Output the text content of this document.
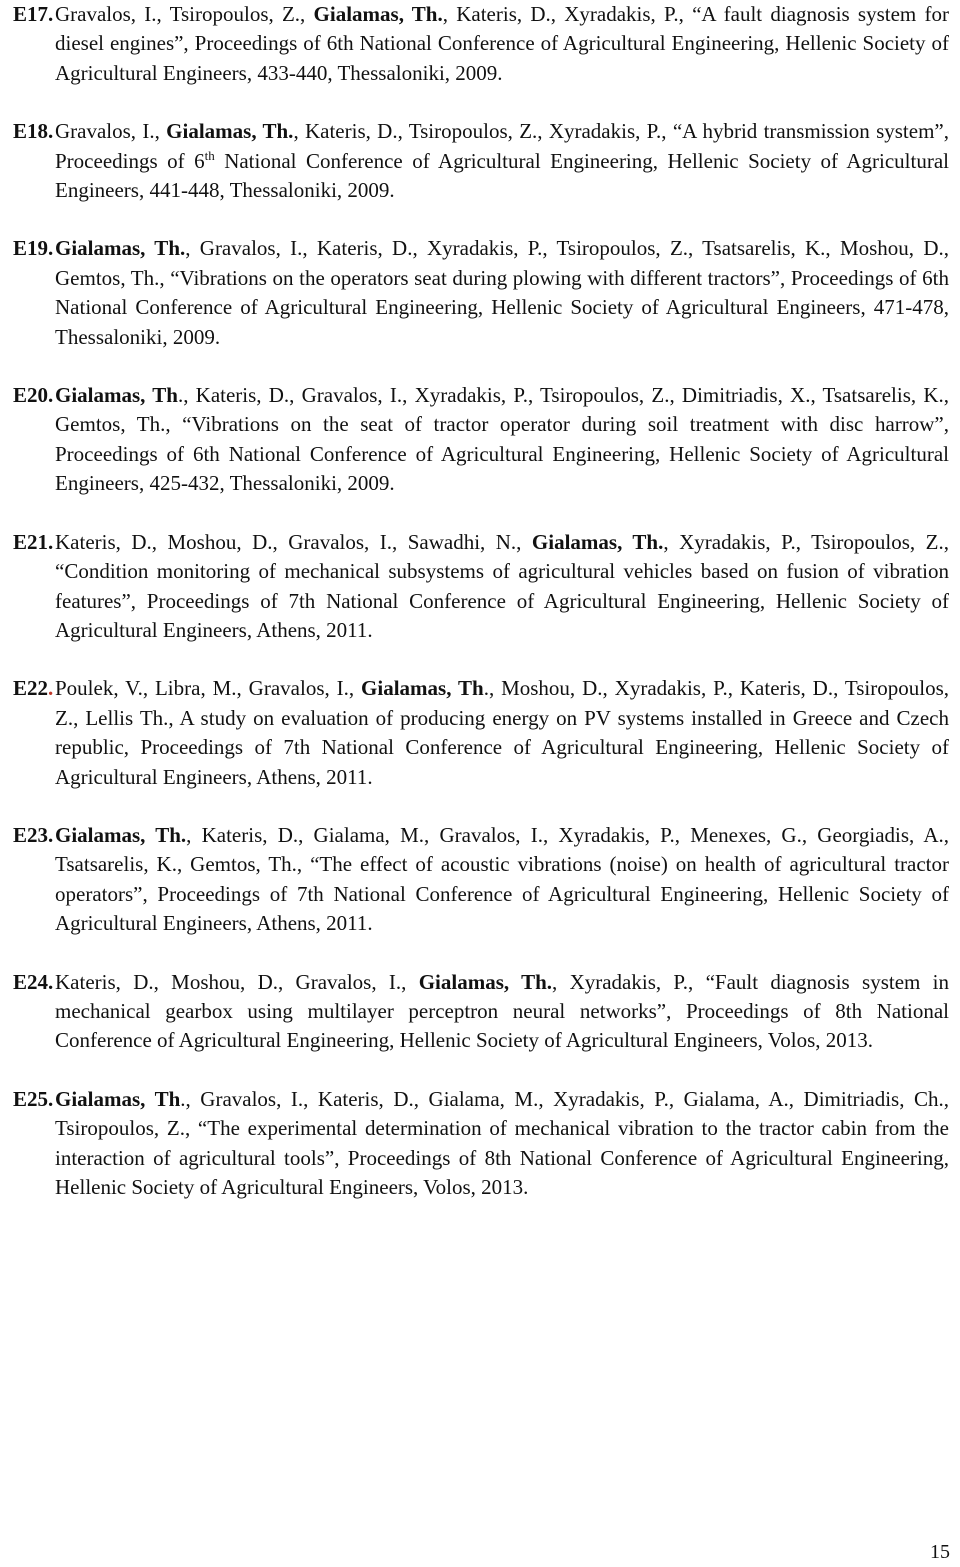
E17. Gravalos, I., Tsiropoulos, Z., Gialamas, Th., Kateris, D., Xyradakis, P., “A fault diagnosis system for diesel engines”, Proceedings of 6th National Conference of Agricultural Engineering, Hellenic Society of Agricultural Engineers, 433-440, Thessaloniki, 2009.

E18. Gravalos, I., Gialamas, Th., Kateris, D., Tsiropoulos, Z., Xyradakis, P., “A hybrid transmission system”, Proceedings of 6th National Conference of Agricultural Engineering, Hellenic Society of Agricultural Engineers, 441-448, Thessaloniki, 2009.

E19. Gialamas, Th., Gravalos, I., Kateris, D., Xyradakis, P., Tsiropoulos, Z., Tsatsarelis, K., Moshou, D., Gemtos, Th., “Vibrations on the operators seat during plowing with different tractors”, Proceedings of 6th National Conference of Agricultural Engineering, Hellenic Society of Agricultural Engineers, 471-478, Thessaloniki, 2009.

E20. Gialamas, Th., Kateris, D., Gravalos, I., Xyradakis, P., Tsiropoulos, Z., Dimitriadis, X., Tsatsarelis, K., Gemtos, Th., “Vibrations on the seat of tractor operator during soil treatment with disc harrow”, Proceedings of 6th National Conference of Agricultural Engineering, Hellenic Society of Agricultural Engineers, 425-432, Thessaloniki, 2009.

E21. Kateris, D., Moshou, D., Gravalos, I., Sawadhi, N., Gialamas, Th., Xyradakis, P., Tsiropoulos, Z., “Condition monitoring of mechanical subsystems of agricultural vehicles based on fusion of vibration features”, Proceedings of 7th National Conference of Agricultural Engineering, Hellenic Society of Agricultural Engineers, Athens, 2011.

E22. Poulek, V., Libra, M., Gravalos, I., Gialamas, Th., Moshou, D., Xyradakis, P., Kateris, D., Tsiropoulos, Z., Lellis Th., A study on evaluation of producing energy on PV systems installed in Greece and Czech republic, Proceedings of 7th National Conference of Agricultural Engineering, Hellenic Society of Agricultural Engineers, Athens, 2011.

E23. Gialamas, Th., Kateris, D., Gialama, M., Gravalos, I., Xyradakis, P., Menexes, G., Georgiadis, A., Tsatsarelis, K., Gemtos, Th., “The effect of acoustic vibrations (noise) on health of agricultural tractor operators”, Proceedings of 7th National Conference of Agricultural Engineering, Hellenic Society of Agricultural Engineers, Athens, 2011.

E24. Kateris, D., Moshou, D., Gravalos, I., Gialamas, Th., Xyradakis, P., “Fault diagnosis system in mechanical gearbox using multilayer perceptron neural networks”, Proceedings of 8th National Conference of Agricultural Engineering, Hellenic Society of Agricultural Engineers, Volos, 2013.

E25. Gialamas, Th., Gravalos, I., Kateris, D., Gialama, M., Xyradakis, P., Gialama, A., Dimitriadis, Ch., Tsiropoulos, Z., “The experimental determination of mechanical vibration to the tractor cabin from the interaction of agricultural tools”, Proceedings of 8th National Conference of Agricultural Engineering, Hellenic Society of Agricultural Engineers, Volos, 2013.

15
